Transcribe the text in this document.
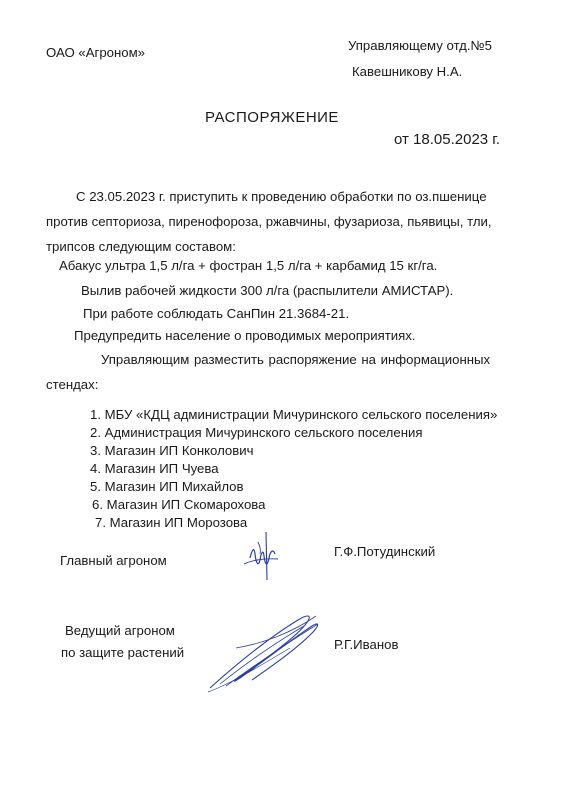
ОАО «Агроном»	Управляющему отд.№5
Кавешникову Н.А.
РАСПОРЯЖЕНИЕ
от 18.05.2023 г.
С 23.05.2023 г. приступить к проведению обработки по оз.пшенице
против септориоза, пиренофороза, ржавчины, фузариоза, пьявицы, тли,
трипсов следующим составом:
Абакус ультра 1,5 л/га + фостран 1,5 л/га + карбамид 15 кг/га.
Вылив рабочей жидкости 300 л/га (распылители АМИСТАР).
При работе соблюдать СанПин 21.3684-21.
Предупредить население о проводимых мероприятиях.
Управляющим разместить распоряжение на информационных
стендах:
1. МБУ «КДЦ администрации Мичуринского сельского поселения»
2. Администрация Мичуринского сельского поселения
3. Магазин ИП Конколович
4. Магазин ИП Чуева
5. Магазин ИП Михайлов
6. Магазин ИП Скомарохова
7. Магазин ИП Морозова
Главный агроном
Г.Ф.Потудинский
Ведущий агроном
по защите растений
Р.Г.Иванов
